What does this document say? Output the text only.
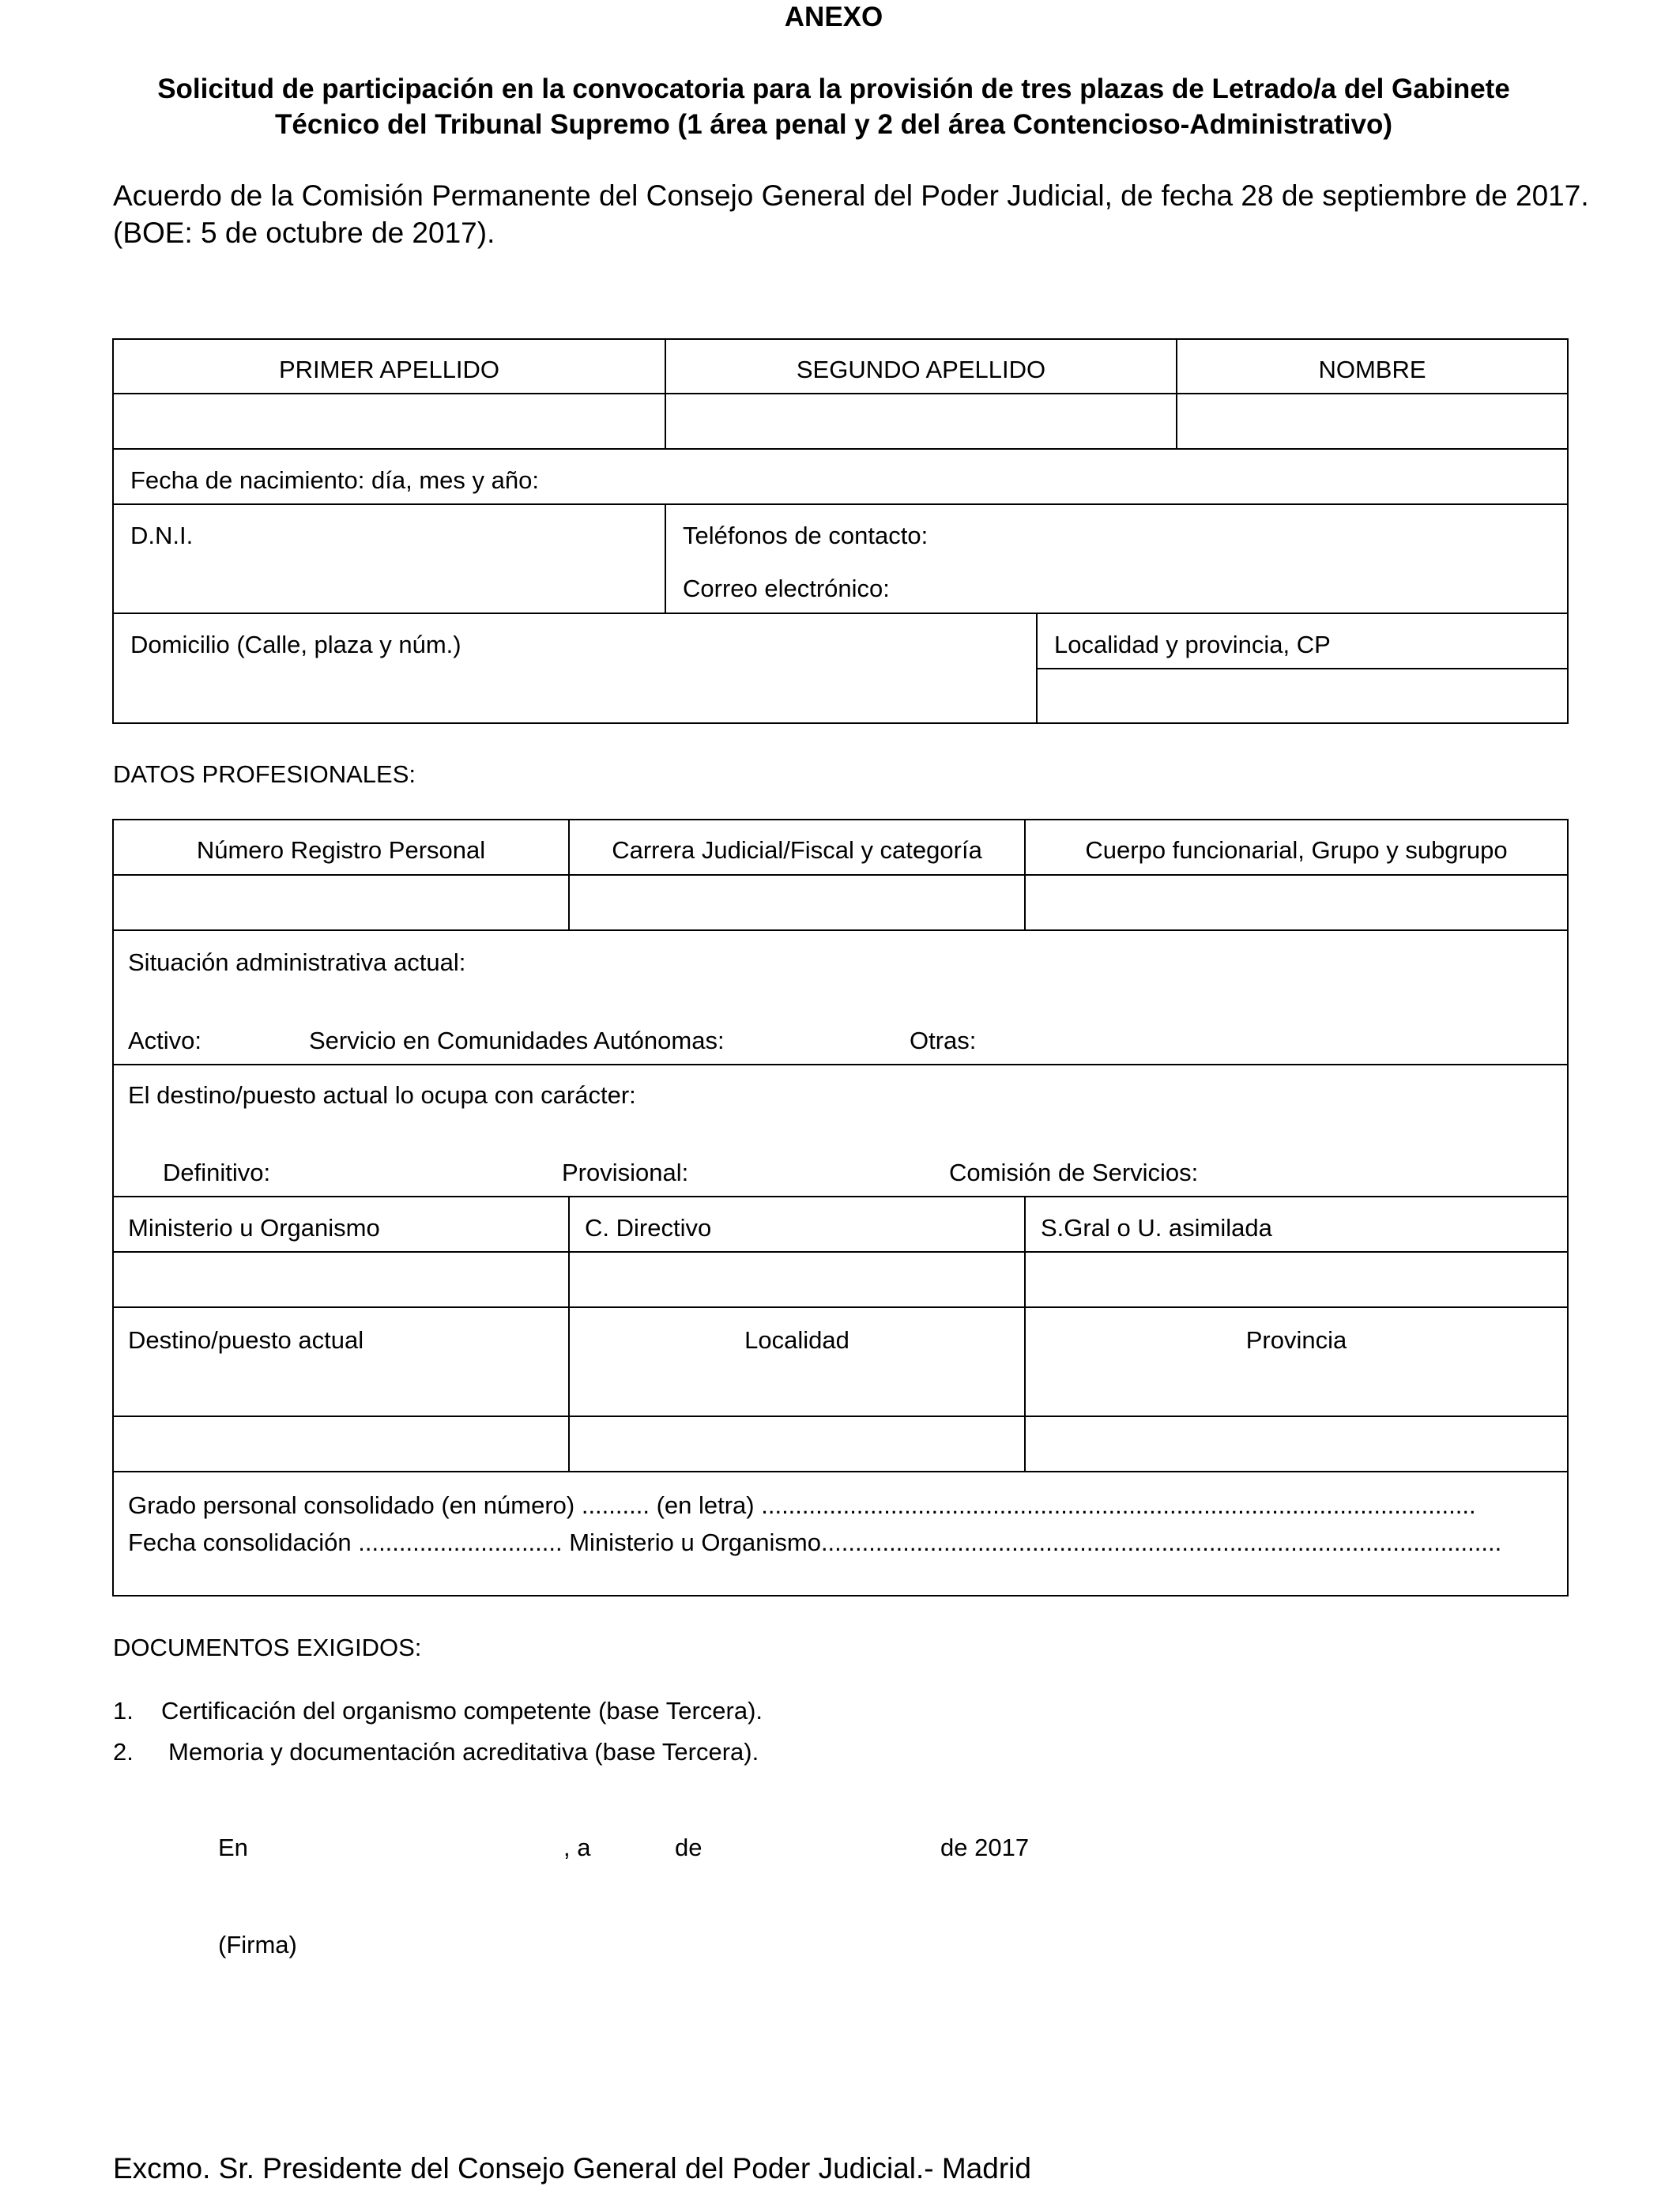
ANEXO
Solicitud de participación en la convocatoria para la provisión de tres plazas de Letrado/a del Gabinete
Técnico del Tribunal Supremo (1 área penal y 2 del área Contencioso-Administrativo)
Acuerdo de la Comisión Permanente del Consejo General del Poder Judicial, de fecha 28 de septiembre de 2017.
(BOE: 5 de octubre de 2017).
PRIMER APELLIDO	SEGUNDO APELLIDO	NOMBRE
Fecha de nacimiento: día, mes y año:
D.N.I.	Teléfonos de contacto:
Correo electrónico:
Domicilio (Calle, plaza y núm.)	Localidad y provincia, CP
DATOS PROFESIONALES:
Número Registro Personal	Carrera Judicial/Fiscal y categoría	Cuerpo funcionarial, Grupo y subgrupo
Situación administrativa actual:
Activo:	Servicio en Comunidades Autónomas:	Otras:
El destino/puesto actual lo ocupa con carácter:
Definitivo:	Provisional:	Comisión de Servicios:
Ministerio u Organismo	C. Directivo	S.Gral o U. asimilada
Destino/puesto actual	Localidad	Provincia
Grado personal consolidado (en número) .......... (en letra) .........................................................................................................
Fecha consolidación .............................. Ministerio u Organismo....................................................................................................
DOCUMENTOS EXIGIDOS:
1. Certificación del organismo competente (base Tercera).
2. Memoria y documentación acreditativa (base Tercera).
En	, a	de	de 2017
(Firma)
Excmo. Sr. Presidente del Consejo General del Poder Judicial.- Madrid
